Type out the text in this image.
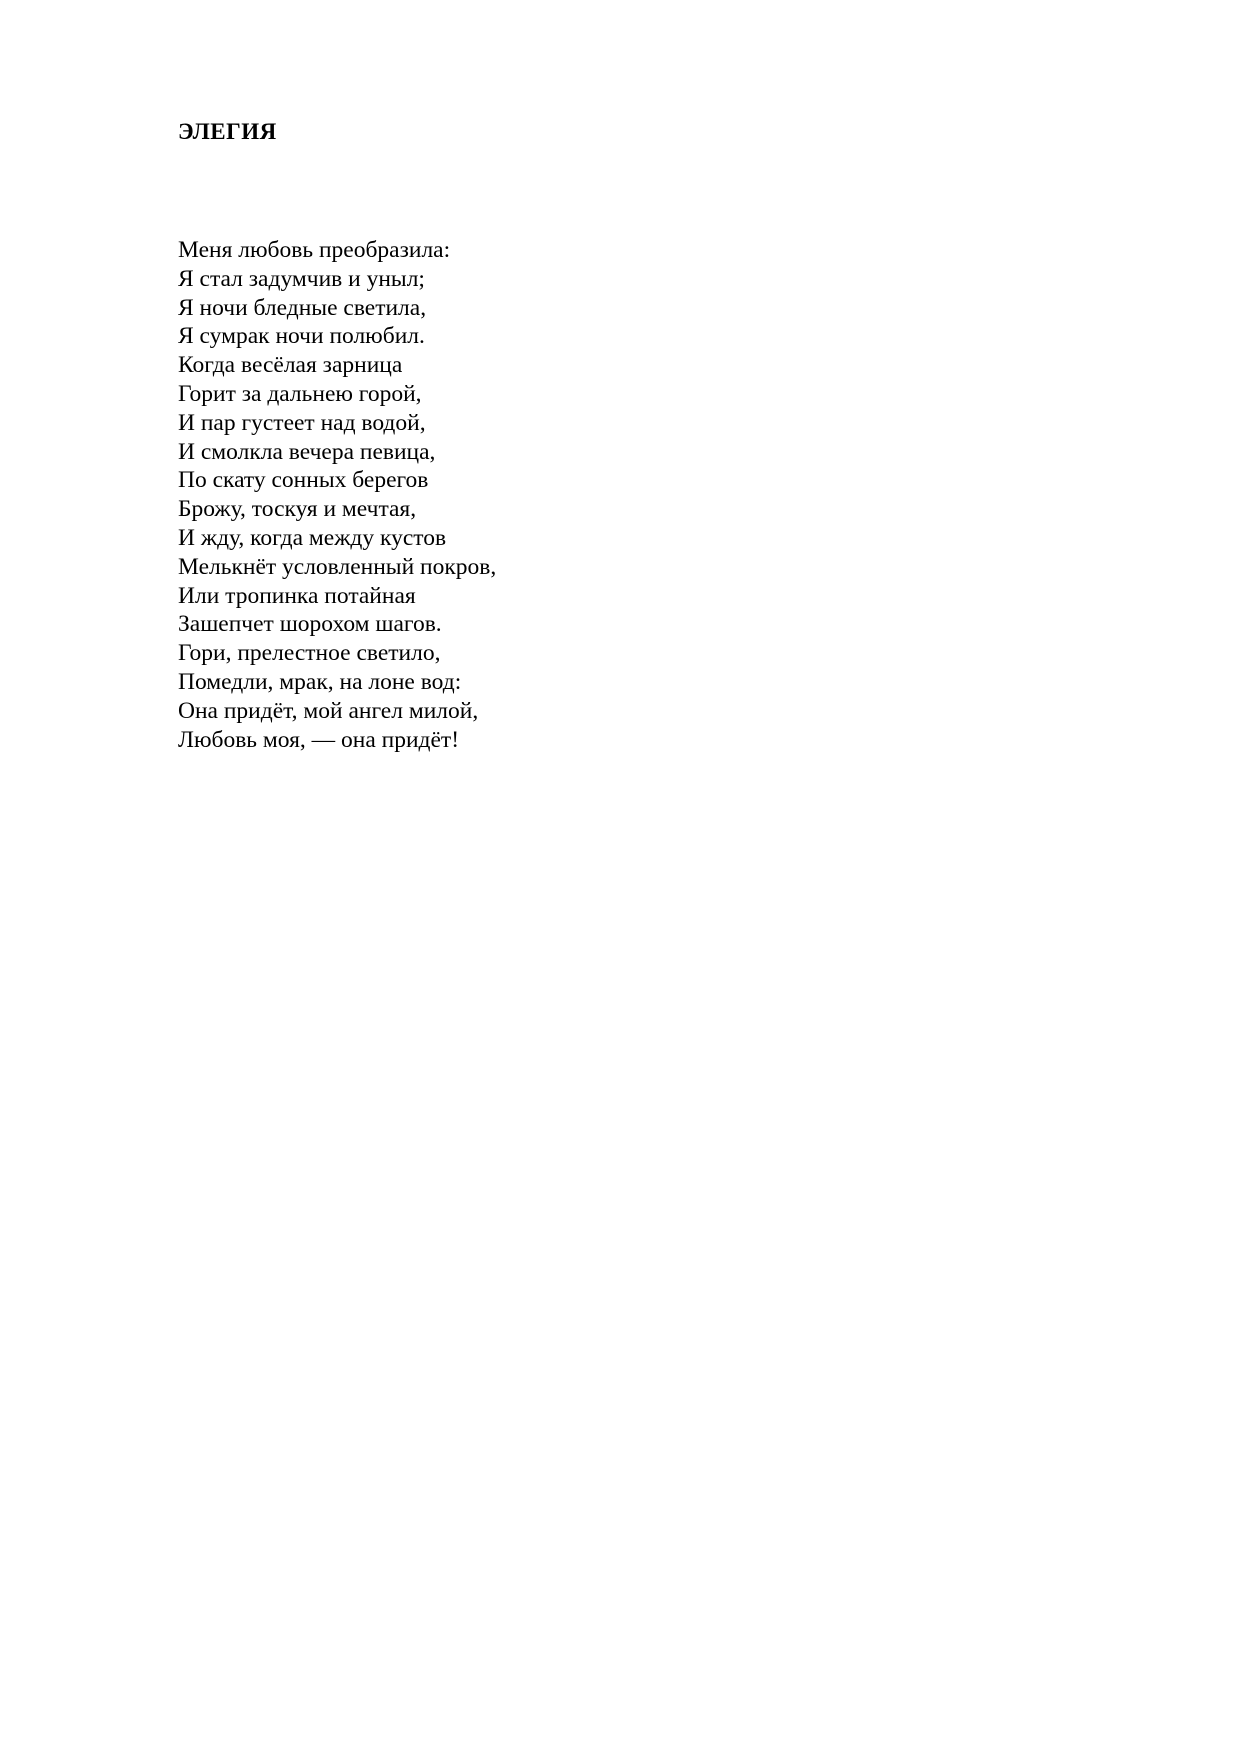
ЭЛЕГИЯ
Меня любовь преобразила:
Я стал задумчив и уныл;
Я ночи бледные светила,
Я сумрак ночи полюбил.
Когда весёлая зарница
Горит за дальнею горой,
И пар густеет над водой,
И смолкла вечера певица,
По скату сонных берегов
Брожу, тоскуя и мечтая,
И жду, когда между кустов
Мелькнёт условленный покров,
Или тропинка потайная
Зашепчет шорохом шагов.
Гори, прелестное светило,
Помедли, мрак, на лоне вод:
Она придёт, мой ангел милой,
Любовь моя, — она придёт!
